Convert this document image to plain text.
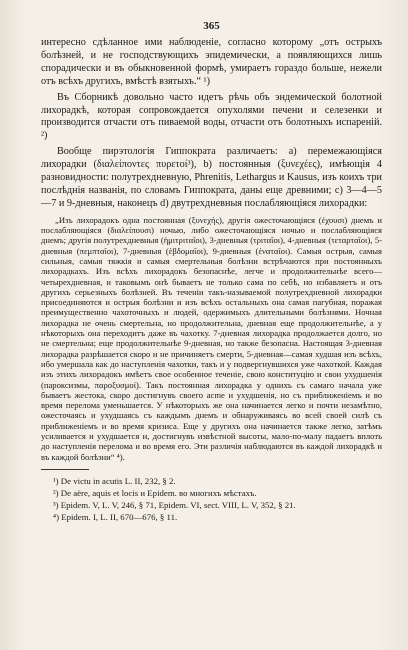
365

интересно сдѣланное ими наблюденіе, согласно которому „отъ острыхъ болѣзней, и не господствующихъ эпидемически, а появляющихся лишь спорадически и въ обыкновенной формѣ, умираетъ гораздо больше, нежели отъ всѣхъ другихъ, вмѣстѣ взятыхъ.“ ¹)

Въ Сборникѣ довольно часто идетъ рѣчь объ эндемической болотной лихорадкѣ, которая сопровождается опухолями печени и селезенки и производится отчасти отъ пиваемой воды, отчасти отъ болотныхъ испареній. ²)

Вообще пирэтологія Гиппократа различаетъ: а) перемежающіяся лихорадки (διαλείποντες πυρετοί³), b) постоянныя (ξυνεχέες), имѣющія 4 разновидности: полутрехдневную, Phrenitis, Lethargus и Kausus, изъ коихъ три послѣднія названія, по словамъ Гиппократа, даны еще древними; c) 3—4—5—7 и 9-дневныя, наконецъ d) двутрехдневныя послабляющіяся лихорадки:

„Изъ лихорадокъ одна постоянная (ξυνεχής), другія ожесточающіяся (ἐχουσι) днемъ и послабляющіяся (διαλείπουσι) ночью, либо ожесточающіяся ночью и послабляющіяся днемъ; другія полутрехдневныя (ἡμιτριταῖοι), 3-дневныя (τριταῖοι), 4-дневныя (τεταρταῖοι), 5-дневныя (πεμπταῖοι), 7-дневныя (ἑβδομαῖοι), 9-дневныя (ἐναταῖοι). Самыя острыя, самыя сильныя, самыя тяжкія и самыя смертельныя болѣзни встрѣчаются при постоянныхъ лихорадкахъ. Изъ всѣхъ лихорадокъ безопаснѣе, легче и продолжительнѣе всего—четырехдневная, и таковымъ онѣ бываетъ не только сама по себѣ, но избавляетъ и отъ другихъ серьезныхъ болѣзней. Въ теченіи такъ-называемой полутрехдневной лихорадки присоединяются и острыя болѣзни и изъ всѣхъ остальныхъ она самая пагубная, поражая преимущественно чахоточныхъ и людей, одержимыхъ длительными болѣзнями. Ночная лихорадка не очень смертельна, но продолжительна, дневная еще продолжительнѣе, а у нѣкоторыхъ она переходитъ даже въ чахотку. 7-дневная лихорадка продолжается долго, но не смертельна; еще продолжительнѣе 9-дневная, но также безопасна. Настоящая 3-дневная лихорадка разрѣшается скоро и не причиняетъ смерти, 5-дневная—самая худшая изъ всѣхъ, ибо умершала как до наступленія чахотки, такъ и у подвергнувшихся уже чахоткой. Каждая изъ этихъ лихорадокъ имѣетъ свое особенное теченіе, свою конституцію и свои ухудшенія (пароксизмы, παροξυσμοί). Такъ постоянная лихорадка у однихъ съ самаго начала уже бываетъ жестока, скоро достигнувъ своего acme и ухудшенія, но съ приближеніемъ и во время перелома уменьшается. У нѣкоторыхъ же она начинается легко и почти незамѣтно, ожесточаясь и ухудшаясь съ каждымъ днемъ и обнаруживаясь во всей своей силѣ съ приближеніемъ и во время кризиса. Еще у другихъ она начинается также легко, затѣмъ усиливается и ухудшается и, достигнувъ извѣстной высоты, мало-по-малу падаетъ вплоть до наступленія перелома и во время его. Эти различія наблюдаются въ каждой лихорадкѣ и въ каждой болѣзни“ ⁴).

¹) De victu in acutis L. II, 232, § 2.
²) De aëre, aquis et locis и Epidem. во многихъ мѣстахъ.
³) Epidem. V, L. V, 246, § 71, Epidem. VI, sect. VIII, L. V, 352, § 21.
⁴) Epidem. I, L. II, 670—676, § 11.
